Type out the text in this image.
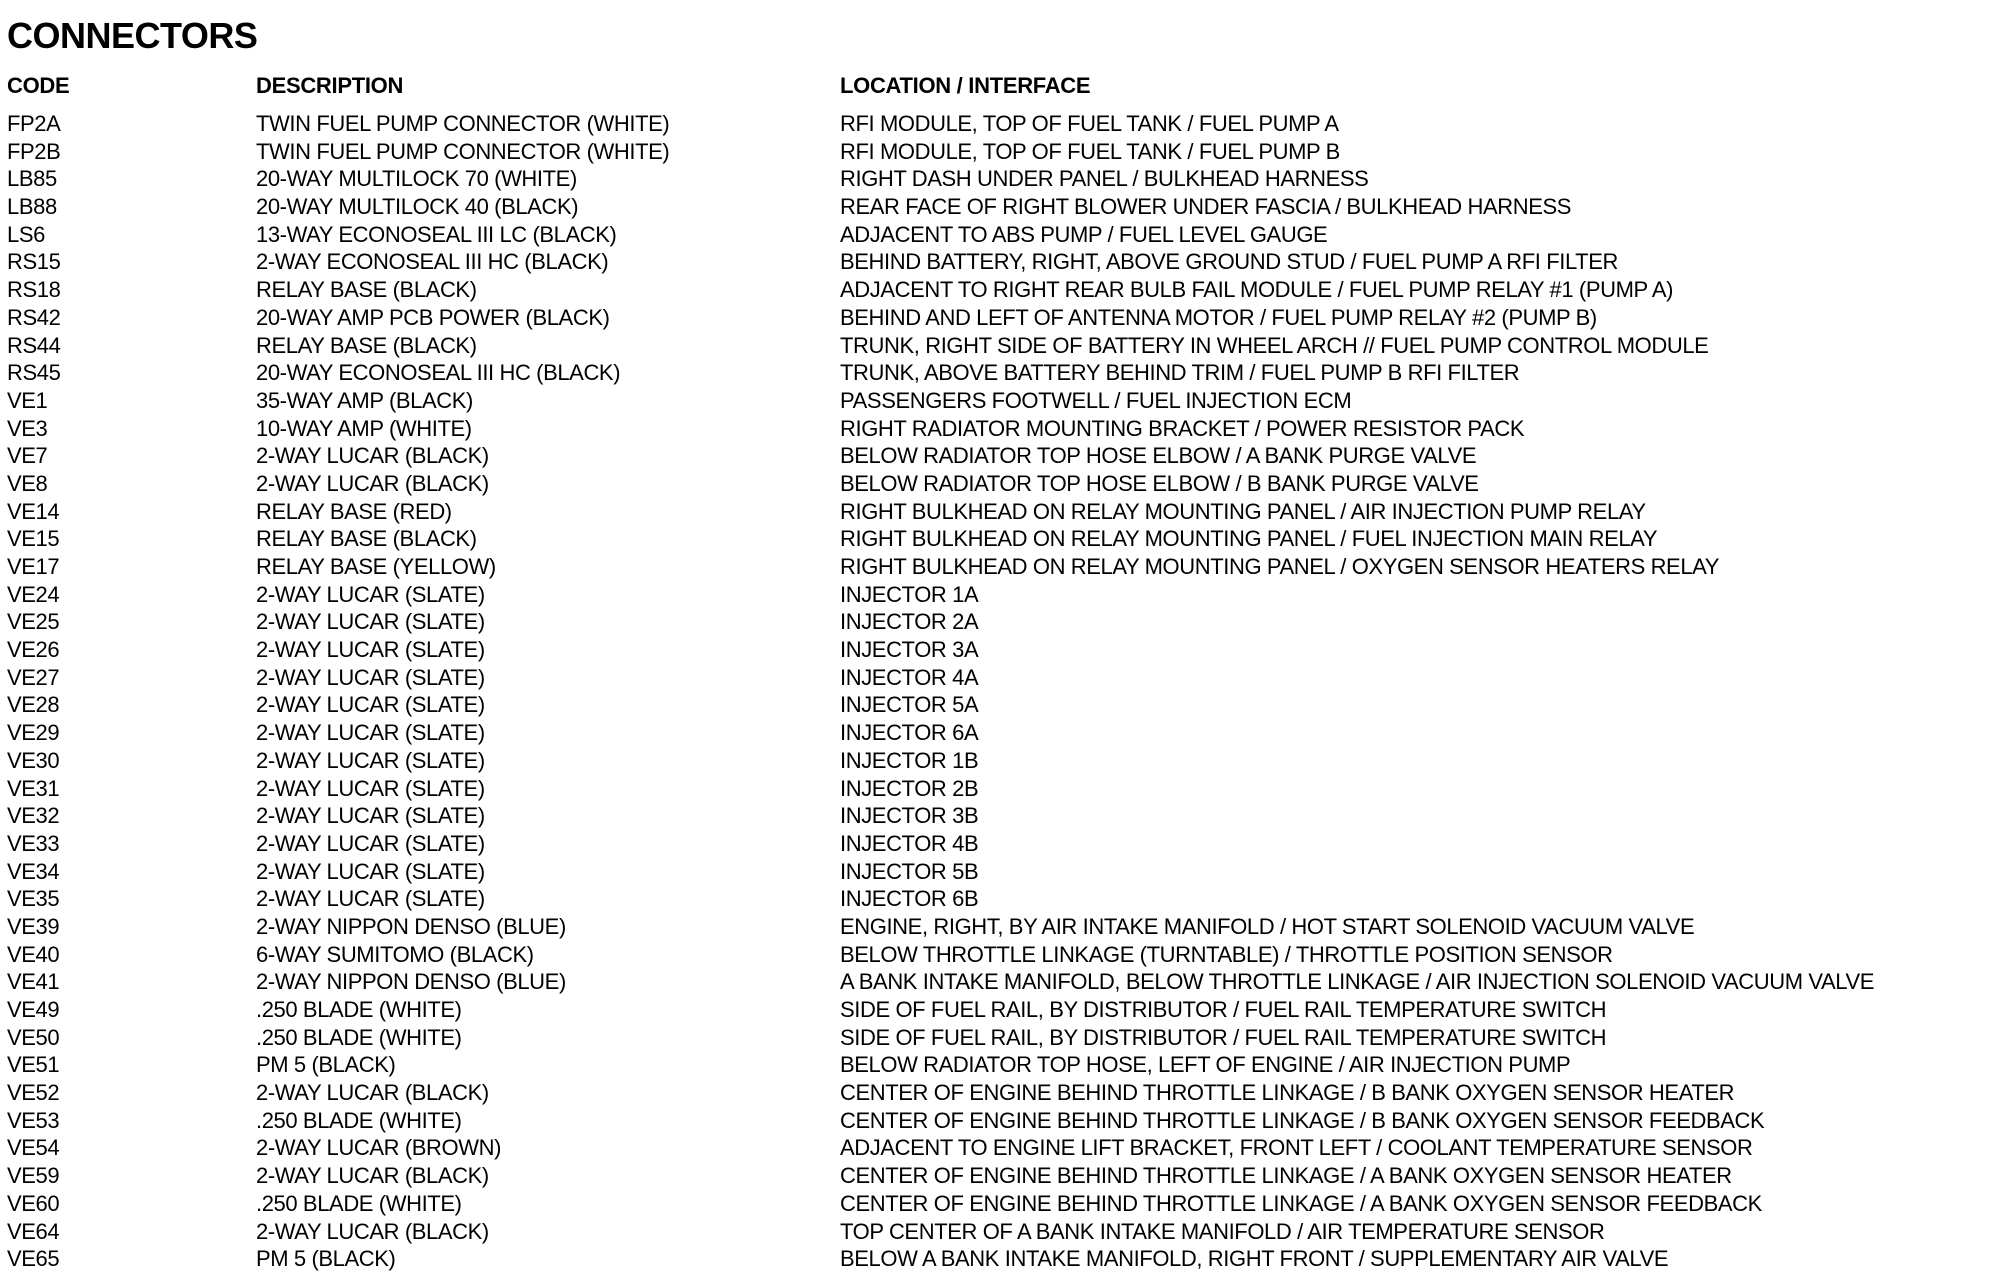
CONNECTORS
CODE	DESCRIPTION	LOCATION / INTERFACE
FP2A	TWIN FUEL PUMP CONNECTOR (WHITE)	RFI MODULE, TOP OF FUEL TANK / FUEL PUMP A
FP2B	TWIN FUEL PUMP CONNECTOR (WHITE)	RFI MODULE, TOP OF FUEL TANK / FUEL PUMP B
LB85	20-WAY MULTILOCK 70 (WHITE)	RIGHT DASH UNDER PANEL / BULKHEAD HARNESS
LB88	20-WAY MULTILOCK 40 (BLACK)	REAR FACE OF RIGHT BLOWER UNDER FASCIA / BULKHEAD HARNESS
LS6	13-WAY ECONOSEAL III LC (BLACK)	ADJACENT TO ABS PUMP / FUEL LEVEL GAUGE
RS15	2-WAY ECONOSEAL III HC (BLACK)	BEHIND BATTERY, RIGHT, ABOVE GROUND STUD / FUEL PUMP A RFI FILTER
RS18	RELAY BASE (BLACK)	ADJACENT TO RIGHT REAR BULB FAIL MODULE / FUEL PUMP RELAY #1 (PUMP A)
RS42	20-WAY AMP PCB POWER (BLACK)	BEHIND AND LEFT OF ANTENNA MOTOR / FUEL PUMP RELAY #2 (PUMP B)
RS44	RELAY BASE (BLACK)	TRUNK, RIGHT SIDE OF BATTERY IN WHEEL ARCH // FUEL PUMP CONTROL MODULE
RS45	20-WAY ECONOSEAL III HC (BLACK)	TRUNK, ABOVE BATTERY BEHIND TRIM / FUEL PUMP B RFI FILTER
VE1	35-WAY AMP (BLACK)	PASSENGERS FOOTWELL / FUEL INJECTION ECM
VE3	10-WAY AMP (WHITE)	RIGHT RADIATOR MOUNTING BRACKET / POWER RESISTOR PACK
VE7	2-WAY LUCAR (BLACK)	BELOW RADIATOR TOP HOSE ELBOW / A BANK PURGE VALVE
VE8	2-WAY LUCAR (BLACK)	BELOW RADIATOR TOP HOSE ELBOW / B BANK PURGE VALVE
VE14	RELAY BASE (RED)	RIGHT BULKHEAD ON RELAY MOUNTING PANEL / AIR INJECTION PUMP RELAY
VE15	RELAY BASE (BLACK)	RIGHT BULKHEAD ON RELAY MOUNTING PANEL / FUEL INJECTION MAIN RELAY
VE17	RELAY BASE (YELLOW)	RIGHT BULKHEAD ON RELAY MOUNTING PANEL / OXYGEN SENSOR HEATERS RELAY
VE24	2-WAY LUCAR (SLATE)	INJECTOR 1A
VE25	2-WAY LUCAR (SLATE)	INJECTOR 2A
VE26	2-WAY LUCAR (SLATE)	INJECTOR 3A
VE27	2-WAY LUCAR (SLATE)	INJECTOR 4A
VE28	2-WAY LUCAR (SLATE)	INJECTOR 5A
VE29	2-WAY LUCAR (SLATE)	INJECTOR 6A
VE30	2-WAY LUCAR (SLATE)	INJECTOR 1B
VE31	2-WAY LUCAR (SLATE)	INJECTOR 2B
VE32	2-WAY LUCAR (SLATE)	INJECTOR 3B
VE33	2-WAY LUCAR (SLATE)	INJECTOR 4B
VE34	2-WAY LUCAR (SLATE)	INJECTOR 5B
VE35	2-WAY LUCAR (SLATE)	INJECTOR 6B
VE39	2-WAY NIPPON DENSO (BLUE)	ENGINE, RIGHT, BY AIR INTAKE MANIFOLD / HOT START SOLENOID VACUUM VALVE
VE40	6-WAY SUMITOMO (BLACK)	BELOW THROTTLE LINKAGE (TURNTABLE) / THROTTLE POSITION SENSOR
VE41	2-WAY NIPPON DENSO (BLUE)	A BANK INTAKE MANIFOLD, BELOW THROTTLE LINKAGE / AIR INJECTION SOLENOID VACUUM VALVE
VE49	.250 BLADE (WHITE)	SIDE OF FUEL RAIL, BY DISTRIBUTOR / FUEL RAIL TEMPERATURE SWITCH
VE50	.250 BLADE (WHITE)	SIDE OF FUEL RAIL, BY DISTRIBUTOR / FUEL RAIL TEMPERATURE SWITCH
VE51	PM 5 (BLACK)	BELOW RADIATOR TOP HOSE, LEFT OF ENGINE / AIR INJECTION PUMP
VE52	2-WAY LUCAR (BLACK)	CENTER OF ENGINE BEHIND THROTTLE LINKAGE / B BANK OXYGEN SENSOR HEATER
VE53	.250 BLADE (WHITE)	CENTER OF ENGINE BEHIND THROTTLE LINKAGE / B BANK OXYGEN SENSOR FEEDBACK
VE54	2-WAY LUCAR (BROWN)	ADJACENT TO ENGINE LIFT BRACKET, FRONT LEFT / COOLANT TEMPERATURE SENSOR
VE59	2-WAY LUCAR (BLACK)	CENTER OF ENGINE BEHIND THROTTLE LINKAGE / A BANK OXYGEN SENSOR HEATER
VE60	.250 BLADE (WHITE)	CENTER OF ENGINE BEHIND THROTTLE LINKAGE / A BANK OXYGEN SENSOR FEEDBACK
VE64	2-WAY LUCAR (BLACK)	TOP CENTER OF A BANK INTAKE MANIFOLD / AIR TEMPERATURE SENSOR
VE65	PM 5 (BLACK)	BELOW A BANK INTAKE MANIFOLD, RIGHT FRONT / SUPPLEMENTARY AIR VALVE
